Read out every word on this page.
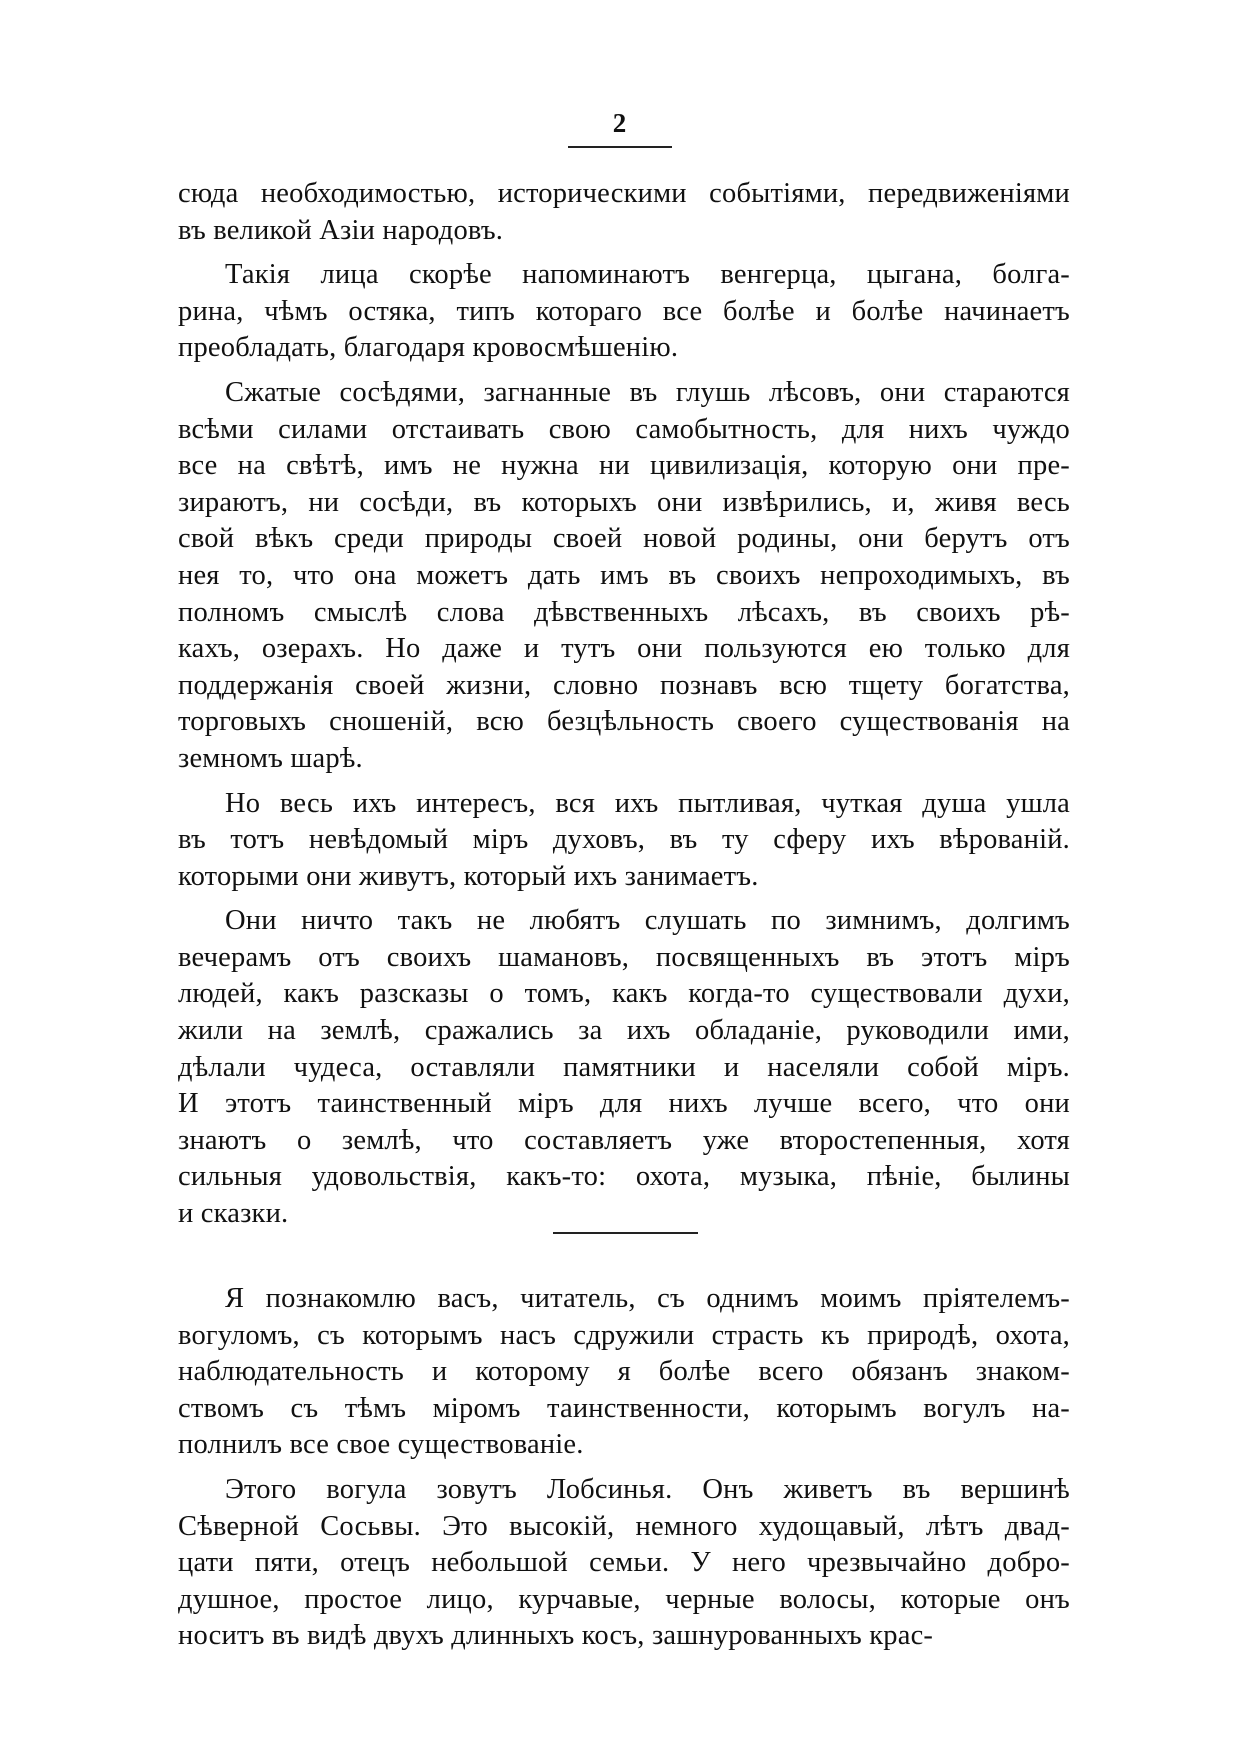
2
сюда необходимостью, историческими событіями, передвиженіями
въ великой Азіи народовъ.
Такія лица скорѣе напоминаютъ венгерца, цыгана, болга-
рина, чѣмъ остяка, типъ котораго все болѣе и болѣе начинаетъ
преобладать, благодаря кровосмѣшенію.
Сжатые сосѣдями, загнанные въ глушь лѣсовъ, они стараются
всѣми силами отстаивать свою самобытность, для нихъ чуждо
все на свѣтѣ, имъ не нужна ни цивилизація, которую они пре-
зираютъ, ни сосѣди, въ которыхъ они извѣрились, и, живя весь
свой вѣкъ среди природы своей новой родины, они берутъ отъ
нея то, что она можетъ дать имъ въ своихъ непроходимыхъ, въ
полномъ смыслѣ слова дѣвственныхъ лѣсахъ, въ своихъ рѣ-
кахъ, озерахъ. Но даже и тутъ они пользуются ею только для
поддержанія своей жизни, словно познавъ всю тщету богатства,
торговыхъ сношеній, всю безцѣльность своего существованія на
земномъ шарѣ.
Но весь ихъ интересъ, вся ихъ пытливая, чуткая душа ушла
въ тотъ невѣдомый міръ духовъ, въ ту сферу ихъ вѣрованій.
которыми они живутъ, который ихъ занимаетъ.
Они ничто такъ не любятъ слушать по зимнимъ, долгимъ
вечерамъ отъ своихъ шамановъ, посвященныхъ въ этотъ міръ
людей, какъ разсказы о томъ, какъ когда-то существовали духи,
жили на землѣ, сражались за ихъ обладаніе, руководили ими,
дѣлали чудеса, оставляли памятники и населяли собой міръ.
И этотъ таинственный міръ для нихъ лучше всего, что они
знаютъ о землѣ, что составляетъ уже второстепенныя, хотя
сильныя удовольствія, какъ-то: охота, музыка, пѣніе, былины
и сказки.
Я познакомлю васъ, читатель, съ однимъ моимъ пріятелемъ-
вогуломъ, съ которымъ насъ сдружили страсть къ природѣ, охота,
наблюдательность и которому я болѣе всего обязанъ знаком-
ствомъ съ тѣмъ міромъ таинственности, которымъ вогулъ на-
полнилъ все свое существованіе.
Этого вогула зовутъ Лобсинья. Онъ живетъ въ вершинѣ
Сѣверной Сосьвы. Это высокій, немного худощавый, лѣтъ двад-
цати пяти, отецъ небольшой семьи. У него чрезвычайно добро-
душное, простое лицо, курчавые, черные волосы, которые онъ
носитъ въ видѣ двухъ длинныхъ косъ, зашнурованныхъ крас-
